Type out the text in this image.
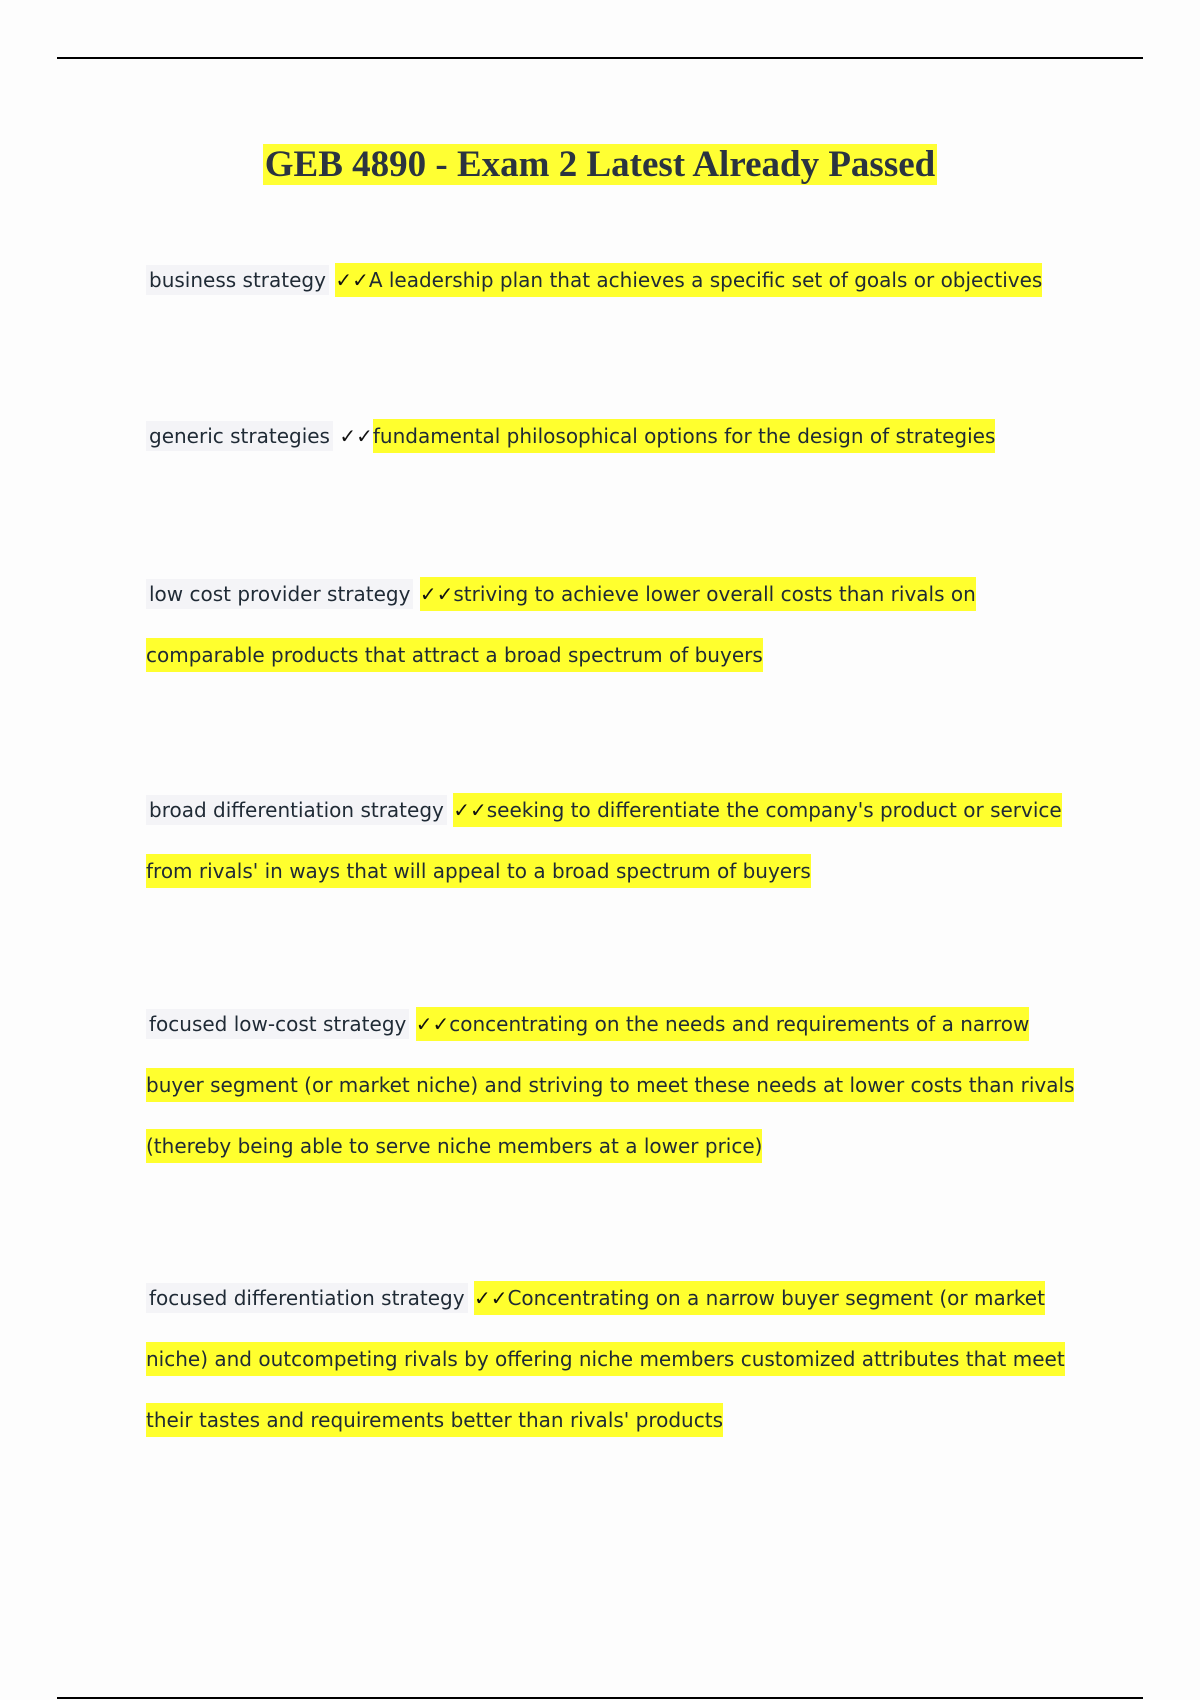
GEB 4890 - Exam 2 Latest Already Passed
business strategy ✓✓A leadership plan that achieves a specific set of goals or objectives
generic strategies ✓✓fundamental philosophical options for the design of strategies
low cost provider strategy ✓✓striving to achieve lower overall costs than rivals on comparable products that attract a broad spectrum of buyers
broad differentiation strategy ✓✓seeking to differentiate the company's product or service from rivals' in ways that will appeal to a broad spectrum of buyers
focused low-cost strategy ✓✓concentrating on the needs and requirements of a narrow buyer segment (or market niche) and striving to meet these needs at lower costs than rivals (thereby being able to serve niche members at a lower price)
focused differentiation strategy ✓✓Concentrating on a narrow buyer segment (or market niche) and outcompeting rivals by offering niche members customized attributes that meet their tastes and requirements better than rivals' products
